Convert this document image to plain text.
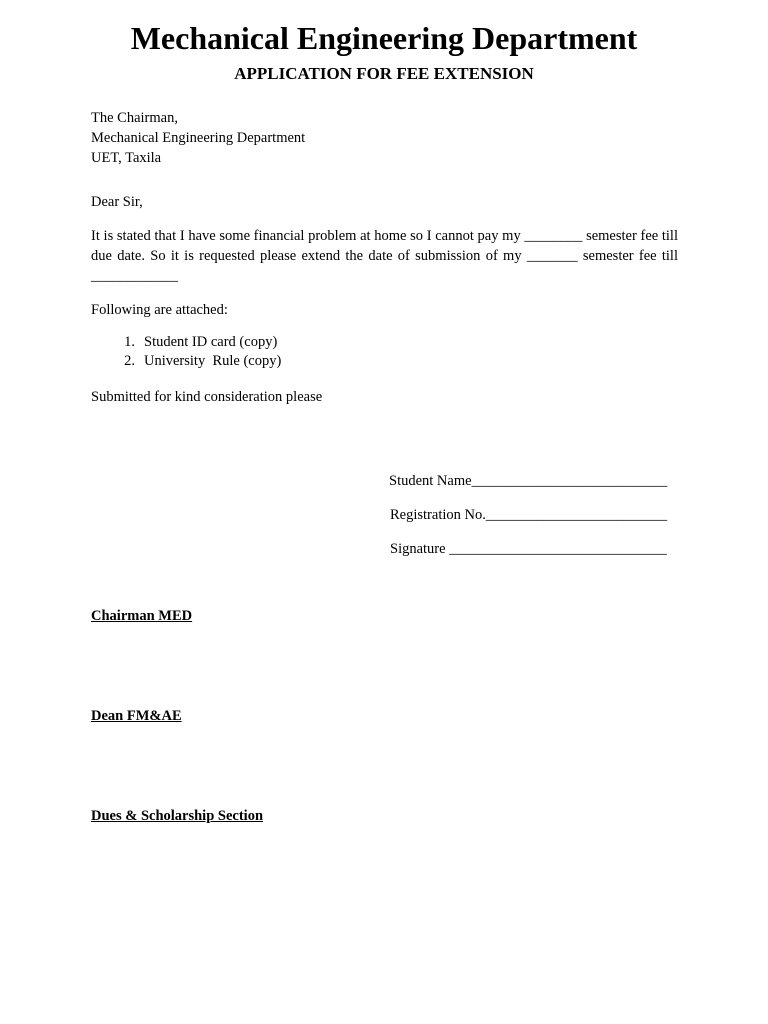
Mechanical Engineering Department
APPLICATION FOR FEE EXTENSION
The Chairman,
Mechanical Engineering Department
UET, Taxila
Dear Sir,
It is stated that I have some financial problem at home so I cannot pay my ________ semester fee till due date. So it is requested please extend the date of submission of my _______ semester fee till ____________
Following are attached:
1. Student ID card (copy)
2. University  Rule (copy)
Submitted for kind consideration please
Student Name___________________________
Registration No._________________________
Signature ______________________________
Chairman MED
Dean FM&AE
Dues & Scholarship Section
